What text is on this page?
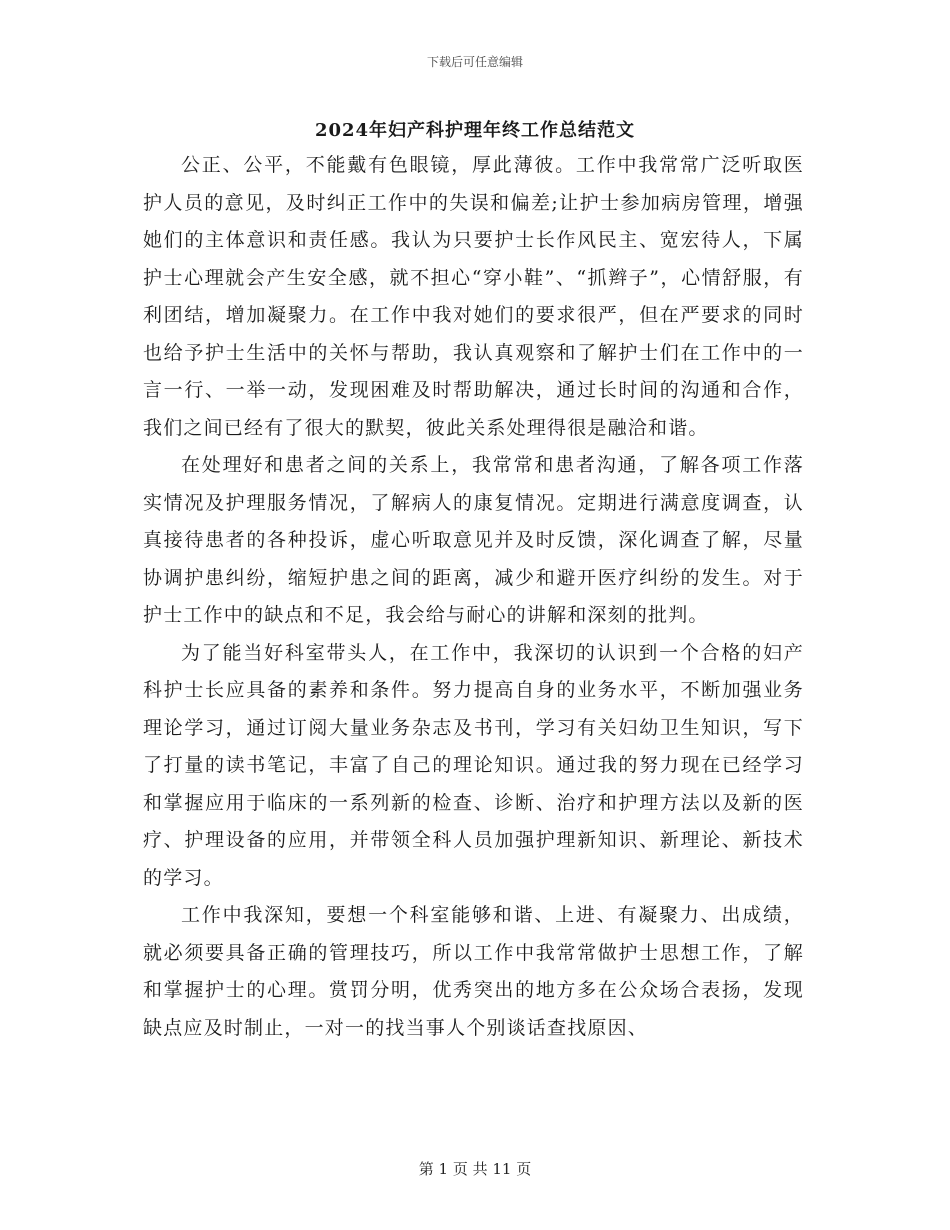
下载后可任意编辑
2024年妇产科护理年终工作总结范文

公正、公平，不能戴有色眼镜，厚此薄彼。工作中我常常广泛听取医护人员的意见，及时纠正工作中的失误和偏差;让护士参加病房管理，增强她们的主体意识和责任感。我认为只要护士长作风民主、宽宏待人，下属护士心理就会产生安全感，就不担心“穿小鞋”、“抓辫子”，心情舒服，有利团结，增加凝聚力。在工作中我对她们的要求很严，但在严要求的同时也给予护士生活中的关怀与帮助，我认真观察和了解护士们在工作中的一言一行、一举一动，发现困难及时帮助解决，通过长时间的沟通和合作，我们之间已经有了很大的默契，彼此关系处理得很是融洽和谐。

在处理好和患者之间的关系上，我常常和患者沟通，了解各项工作落实情况及护理服务情况，了解病人的康复情况。定期进行满意度调查，认真接待患者的各种投诉，虚心听取意见并及时反馈，深化调查了解，尽量协调护患纠纷，缩短护患之间的距离，减少和避开医疗纠纷的发生。对于护士工作中的缺点和不足，我会给与耐心的讲解和深刻的批判。

为了能当好科室带头人，在工作中，我深切的认识到一个合格的妇产科护士长应具备的素养和条件。努力提高自身的业务水平，不断加强业务理论学习，通过订阅大量业务杂志及书刊，学习有关妇幼卫生知识，写下了打量的读书笔记，丰富了自己的理论知识。通过我的努力现在已经学习和掌握应用于临床的一系列新的检查、诊断、治疗和护理方法以及新的医疗、护理设备的应用，并带领全科人员加强护理新知识、新理论、新技术的学习。

工作中我深知，要想一个科室能够和谐、上进、有凝聚力、出成绩，就必须要具备正确的管理技巧，所以工作中我常常做护士思想工作，了解和掌握护士的心理。赏罚分明，优秀突出的地方多在公众场合表扬，发现缺点应及时制止，一对一的找当事人个别谈话查找原因、

第 1 页 共 11 页
